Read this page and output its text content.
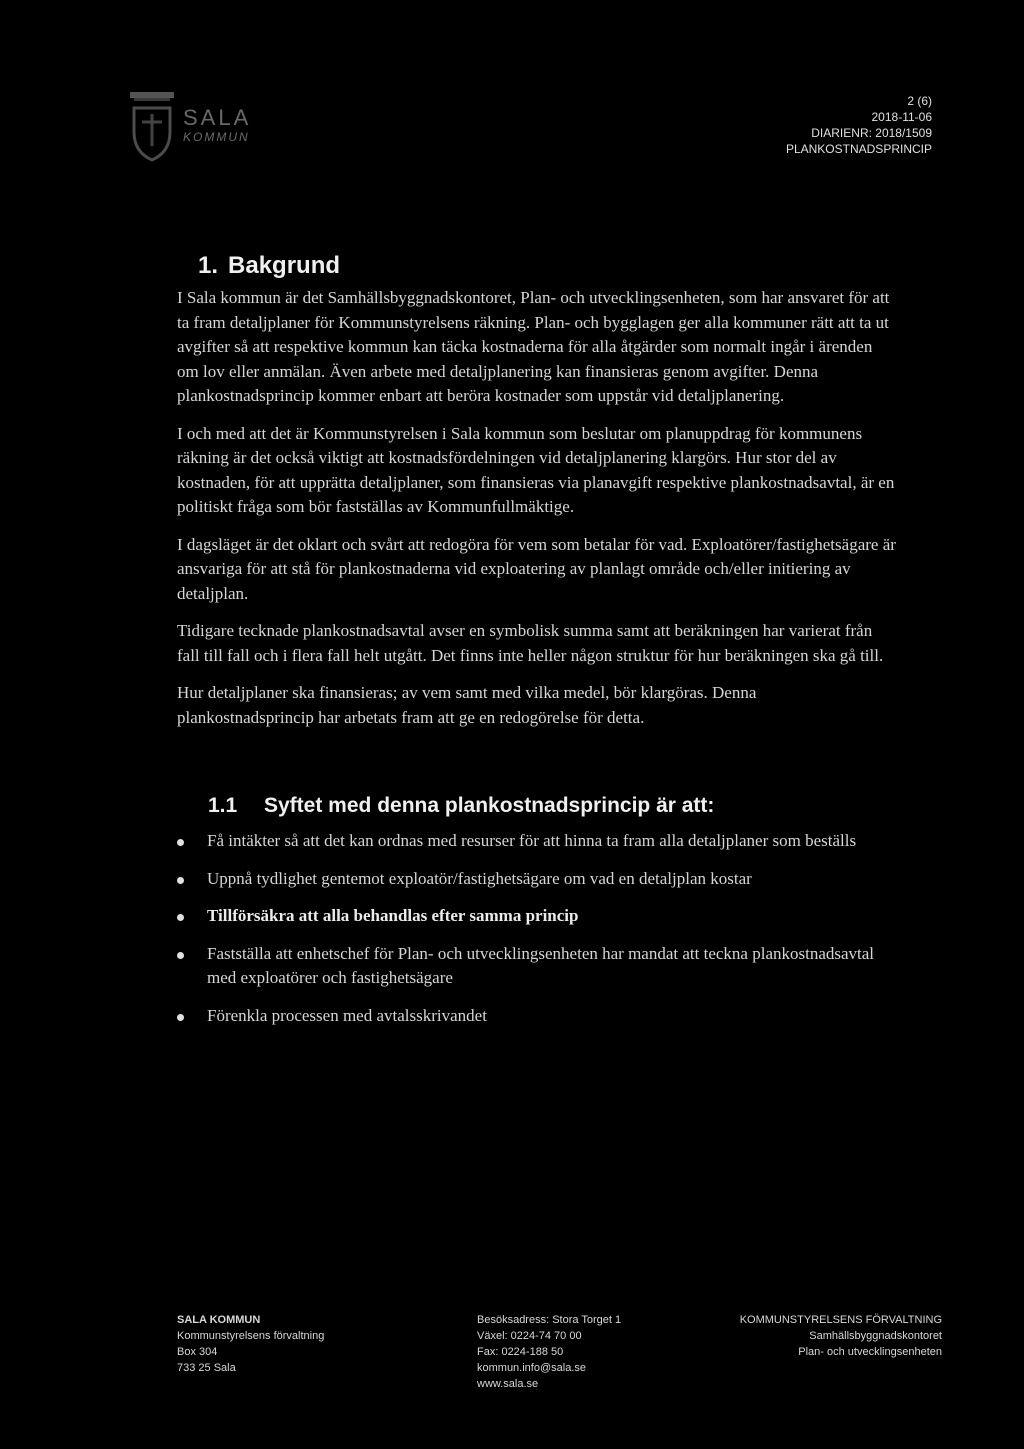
SALA
KOMMUN
2 (6)
2018-11-06
DIARIENR: 2018/1509
PLANKOSTNADSPRINCIP
1. Bakgrund

I Sala kommun är det Samhällsbyggnadskontoret, Plan- och utvecklingsenheten, som har ansvaret för att ta fram detaljplaner för Kommunstyrelsens räkning. Plan- och bygglagen ger alla kommuner rätt att ta ut avgifter så att respektive kommun kan täcka kostnaderna för alla åtgärder som normalt ingår i ärenden om lov eller anmälan. Även arbete med detaljplanering kan finansieras genom avgifter. Denna plankostnadsprincip kommer enbart att beröra kostnader som uppstår vid detaljplanering.

I och med att det är Kommunstyrelsen i Sala kommun som beslutar om planuppdrag för kommunens räkning är det också viktigt att kostnadsfördelningen vid detaljplanering klargörs. Hur stor del av kostnaden, för att upprätta detaljplaner, som finansieras via planavgift respektive plankostnadsavtal, är en politiskt fråga som bör fastställas av Kommunfullmäktige.

I dagsläget är det oklart och svårt att redogöra för vem som betalar för vad. Exploatörer/fastighetsägare är ansvariga för att stå för plankostnaderna vid exploatering av planlagt område och/eller initiering av detaljplan.

Tidigare tecknade plankostnadsavtal avser en symbolisk summa samt att beräkningen har varierat från fall till fall och i flera fall helt utgått. Det finns inte heller någon struktur för hur beräkningen ska gå till.

Hur detaljplaner ska finansieras; av vem samt med vilka medel, bör klargöras. Denna plankostnadsprincip har arbetats fram att ge en redogörelse för detta.

1.1 Syftet med denna plankostnadsprincip är att:
Få intäkter så att det kan ordnas med resurser för att hinna ta fram alla detaljplaner som beställs
Uppnå tydlighet gentemot exploatör/fastighetsägare om vad en detaljplan kostar
Tillförsäkra att alla behandlas efter samma princip
Fastställa att enhetschef för Plan- och utvecklingsenheten har mandat att teckna plankostnadsavtal med exploatörer och fastighetsägare
Förenkla processen med avtalsskrivandet
SALA KOMMUN
Kommunstyrelsens förvaltning
Box 304
733 25 Sala
Besöksadress: Stora Torget 1
Växel: 0224-74 70 00
Fax: 0224-188 50
kommun.info@sala.se
www.sala.se
KOMMUNSTYRELSENS FÖRVALTNING
Samhällsbyggnadskontoret
Plan- och utvecklingsenheten
